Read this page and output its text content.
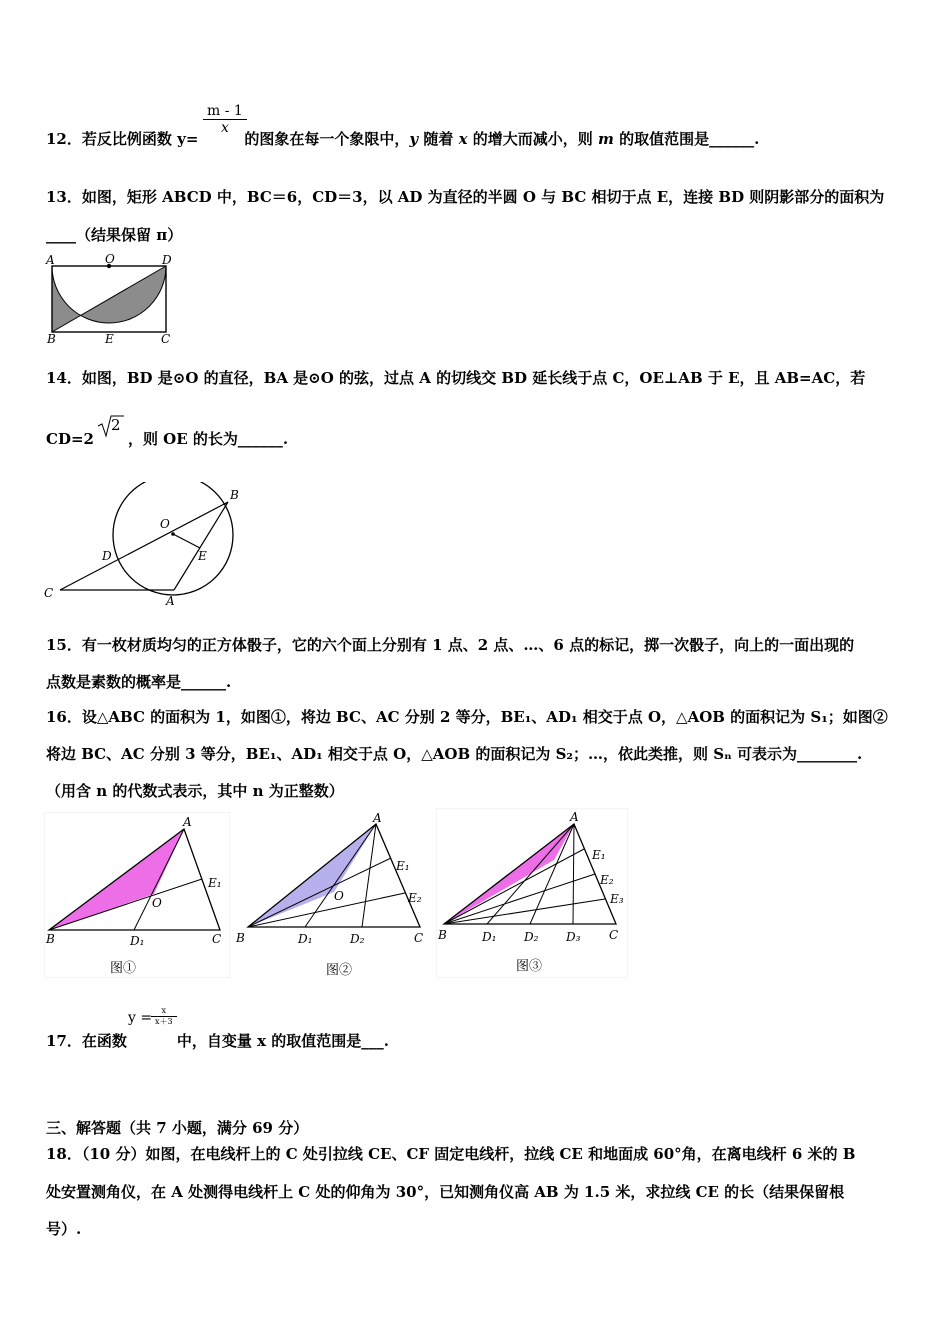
$\frac{m - 1}{x}$
12．若反比例函数 y=	的图象在每一个象限中，y 随着 x 的增大而减小，则 m 的取值范围是______.
13．如图，矩形 ABCD 中，BC＝6，CD＝3，以 AD 为直径的半圆 O 与 BC 相切于点 E，连接 BD 则阴影部分的面积为
____（结果保留 π）
A	O	D
B	E	C
14．如图，BD 是⊙O 的直径，BA 是⊙O 的弦，过点 A 的切线交 BD 延长线于点 C，OE⊥AB 于 E，且 AB=AC，若
CD=2
2
，则 OE 的长为______.
B
O
D	E
C
A
15．有一枚材质均匀的正方体骰子，它的六个面上分别有 1 点、2 点、…、6 点的标记，掷一次骰子，向上的一面出现的
点数是素数的概率是______.
16．设△ABC 的面积为 1，如图①，将边 BC、AC 分别 2 等分，BE₁、AD₁ 相交于点 O，△AOB 的面积记为 S₁；如图②
将边 BC、AC 分别 3 等分，BE₁、AD₁ 相交于点 O，△AOB 的面积记为 S₂；…，依此类推，则 Sₙ 可表示为________.
（用含 n 的代数式表示，其中 n 为正整数）
A
E₁
O
B	D₁	C
图①
A
E₁
E₂
O
B	D₁	D₂	C
图②
A
E₁
E₂
E₃
B	D₁ D₂ D₃ C
图③
y =
$\frac{x}{x+3}$
17．在函数	中，自变量 x 的取值范围是___.
三、解答题（共 7 小题，满分 69 分）
18．（10 分）如图，在电线杆上的 C 处引拉线 CE、CF 固定电线杆，拉线 CE 和地面成 60°角，在离电线杆 6 米的 B
处安置测角仪，在 A 处测得电线杆上 C 处的仰角为 30°，已知测角仪高 AB 为 1.5 米，求拉线 CE 的长（结果保留根
号）.
